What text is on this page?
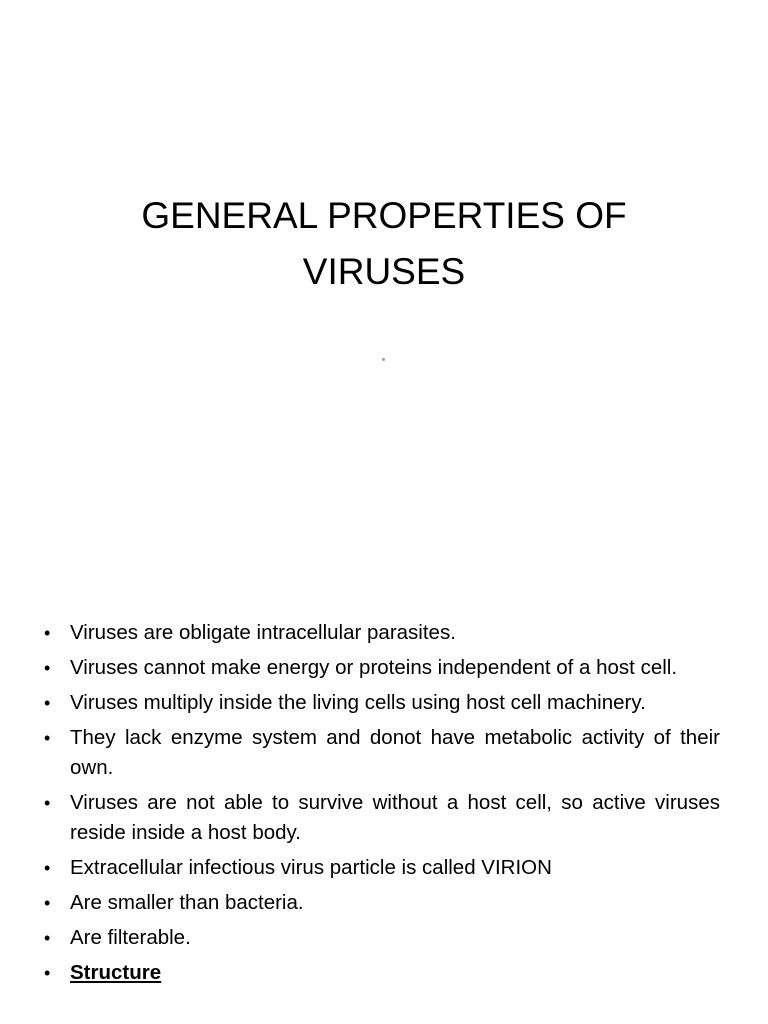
GENERAL PROPERTIES OF
VIRUSES
• Viruses are obligate intracellular parasites.
• Viruses cannot make energy or proteins independent of a host cell.
• Viruses multiply inside the living cells using host cell machinery.
• They lack enzyme system and donot have metabolic activity of their own.
• Viruses are not able to survive without a host cell, so active viruses reside inside a host body.
• Extracellular infectious virus particle is called VIRION
• Are smaller than bacteria.
• Are filterable.
• Structure
